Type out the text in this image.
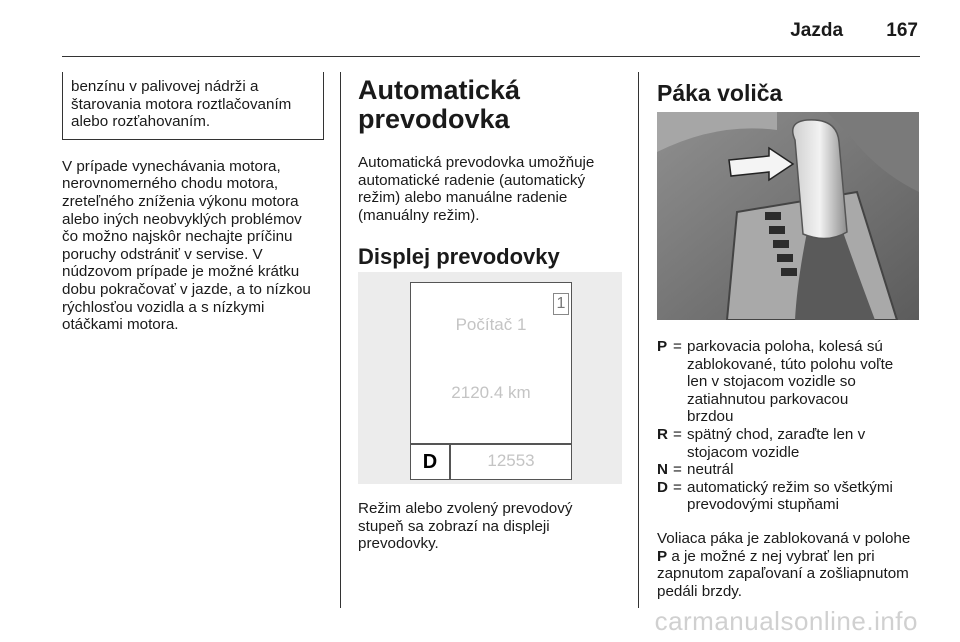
Jazda 167
benzínu v palivovej nádrži a
štarovania motora roztlačovaním
alebo rozťahovaním.
V prípade vynechávania motora,
nerovnomerného chodu motora,
zreteľného zníženia výkonu motora
alebo iných neobvyklých problémov
čo možno najskôr nechajte príčinu
poruchy odstrániť v servise. V
núdzovom prípade je možné krátku
dobu pokračovať v jazde, a to nízkou
rýchlosťou vozidla a s nízkymi
otáčkami motora.
Automatická
prevodovka
Automatická prevodovka umožňuje
automatické radenie (automatický
režim) alebo manuálne radenie
(manuálny režim).
Displej prevodovky
1
Počítač 1
2120.4 km
D	12553
Režim alebo zvolený prevodový
stupeň sa zobrazí na displeji
prevodovky.
Páka voliča
P = parkovacia poloha, kolesá sú
zablokované, túto polohu voľte
len v stojacom vozidle so
zatiahnutou parkovacou
brzdou
R = spätný chod, zaraďte len v
stojacom vozidle
N = neutrál
D = automatický režim so všetkými
prevodovými stupňami
Voliaca páka je zablokovaná v polohe
P a je možné z nej vybrať len pri
zapnutom zapaľovaní a zošliapnutom
pedáli brzdy.
carmanualsonline.info
